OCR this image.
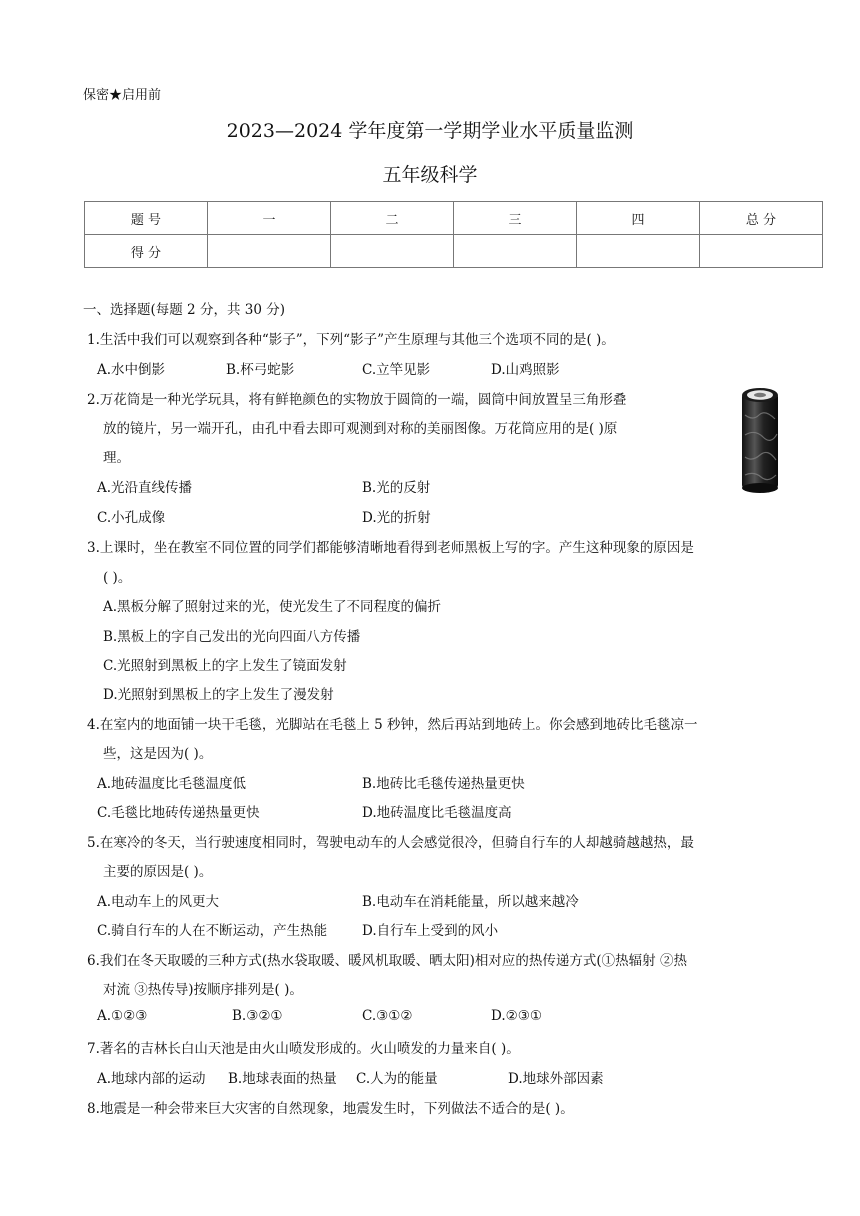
保密★启用前
2023—2024 学年度第一学期学业水平质量监测
五年级科学
题 号	一	二	三	四	总 分
得 分					
一、选择题(每题 2 分，共 30 分)
1.生活中我们可以观察到各种“影子”，下列“影子”产生原理与其他三个选项不同的是( )。
A.水中倒影	B.杯弓蛇影	C.立竿见影	D.山鸡照影
2.万花筒是一种光学玩具，将有鲜艳颜色的实物放于圆筒的一端，圆筒中间放置呈三角形叠
放的镜片，另一端开孔，由孔中看去即可观测到对称的美丽图像。万花筒应用的是( )原
理。
A.光沿直线传播	B.光的反射
C.小孔成像	D.光的折射
3.上课时，坐在教室不同位置的同学们都能够清晰地看得到老师黑板上写的字。产生这种现象的原因是
( )。
A.黑板分解了照射过来的光，使光发生了不同程度的偏折
B.黑板上的字自己发出的光向四面八方传播
C.光照射到黑板上的字上发生了镜面发射
D.光照射到黑板上的字上发生了漫发射
4.在室内的地面铺一块干毛毯，光脚站在毛毯上 5 秒钟，然后再站到地砖上。你会感到地砖比毛毯凉一
些，这是因为( )。
A.地砖温度比毛毯温度低	B.地砖比毛毯传递热量更快
C.毛毯比地砖传递热量更快	D.地砖温度比毛毯温度高
5.在寒冷的冬天，当行驶速度相同时，驾驶电动车的人会感觉很冷，但骑自行车的人却越骑越越热，最
主要的原因是( )。
A.电动车上的风更大	B.电动车在消耗能量，所以越来越冷
C.骑自行车的人在不断运动，产生热能	D.自行车上受到的风小
6.我们在冬天取暖的三种方式(热水袋取暖、暖风机取暖、晒太阳)相对应的热传递方式(①热辐射 ②热
对流 ③热传导)按顺序排列是( )。
A.①②③	B.③②①	C.③①②	D.②③①
7.著名的吉林长白山天池是由火山喷发形成的。火山喷发的力量来自( )。
A.地球内部的运动 B.地球表面的热量 C.人为的能量	D.地球外部因素
8.地震是一种会带来巨大灾害的自然现象，地震发生时，下列做法不适合的是( )。
